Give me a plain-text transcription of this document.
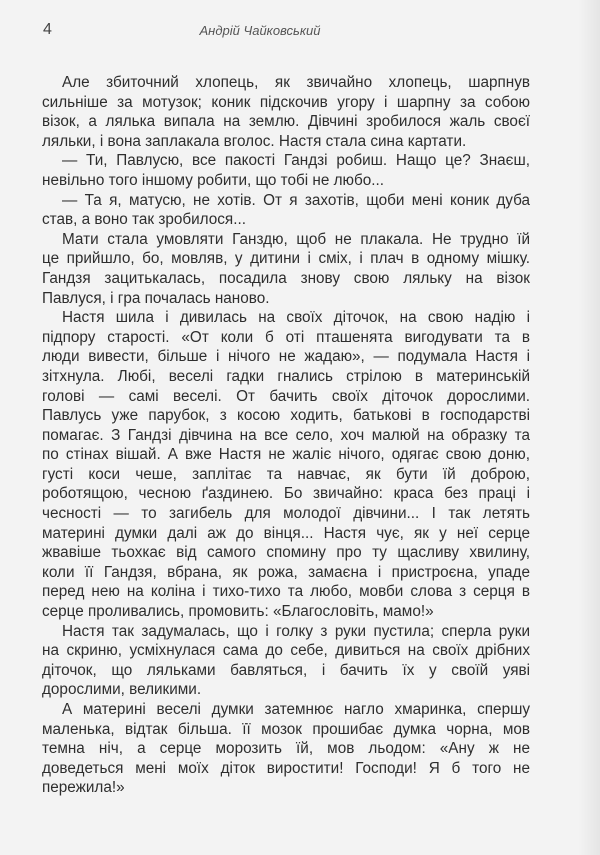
4	Андрій Чайковський
Але збиточний хлопець, як звичайно хлопець, шарпнув
сильніше за мотузок; коник підскочив угору і шарпну за собою
візок, а лялька випала на землю. Дівчині зробилося жаль своєї
ляльки, і вона заплакала вголос. Настя стала сина картати.
— Ти, Павлусю, все пакості Гандзі робиш. Нащо це? Знаєш,
невільно того іншому робити, що тобі не любо...
— Та я, матусю, не хотів. От я захотів, щоби мені коник дуба
став, а воно так зробилося...
Мати стала умовляти Ганздю, щоб не плакала. Не трудно їй
це прийшло, бо, мовляв, у дитини і сміх, і плач в одному мішку.
Гандзя зацитькалась, посадила знову свою ляльку на візок
Павлуся, і гра почалась наново.
Настя шила і дивилась на своїх діточок, на свою надію і
підпору старості. «От коли б оті пташенята вигодувати та в
люди вивести, більше і нічого не жадаю», — подумала Настя і
зітхнула. Любі, веселі гадки гнались стрілою в материнській
голові — самі веселі. От бачить своїх діточок дорослими.
Павлусь уже парубок, з косою ходить, батькові в господарстві
помагає. З Гандзі дівчина на все село, хоч малюй на образку та
по стінах вішай. А вже Настя не жаліє нічого, одягає свою доню,
густі коси чеше, заплітає та навчає, як бути їй доброю,
роботящою, чесною ґаздинею. Бо звичайно: краса без праці і
чесності — то загибель для молодої дівчини... І так летять
материні думки далі аж до вінця... Настя чує, як у неї серце
жвавіше тьохкає від самого спомину про ту щасливу хвилину,
коли її Гандзя, вбрана, як рожа, замаєна і пристроєна, упаде
перед нею на коліна і тихо-тихо та любо, мовби слова з серця в
серце проливались, промовить: «Благословіть, мамо!»
Настя так задумалась, що і голку з руки пустила; сперла руки
на скриню, усміхнулася сама до себе, дивиться на своїх дрібних
діточок, що ляльками бавляться, і бачить їх у своїй уяві
дорослими, великими.
А материні веселі думки затемнює нагло хмаринка, спершу
маленька, відтак більша. її мозок прошибає думка чорна, мов
темна ніч, а серце морозить їй, мов льодом: «Ану ж не
доведеться мені моїх діток виростити! Господи! Я б того не
пережила!»
